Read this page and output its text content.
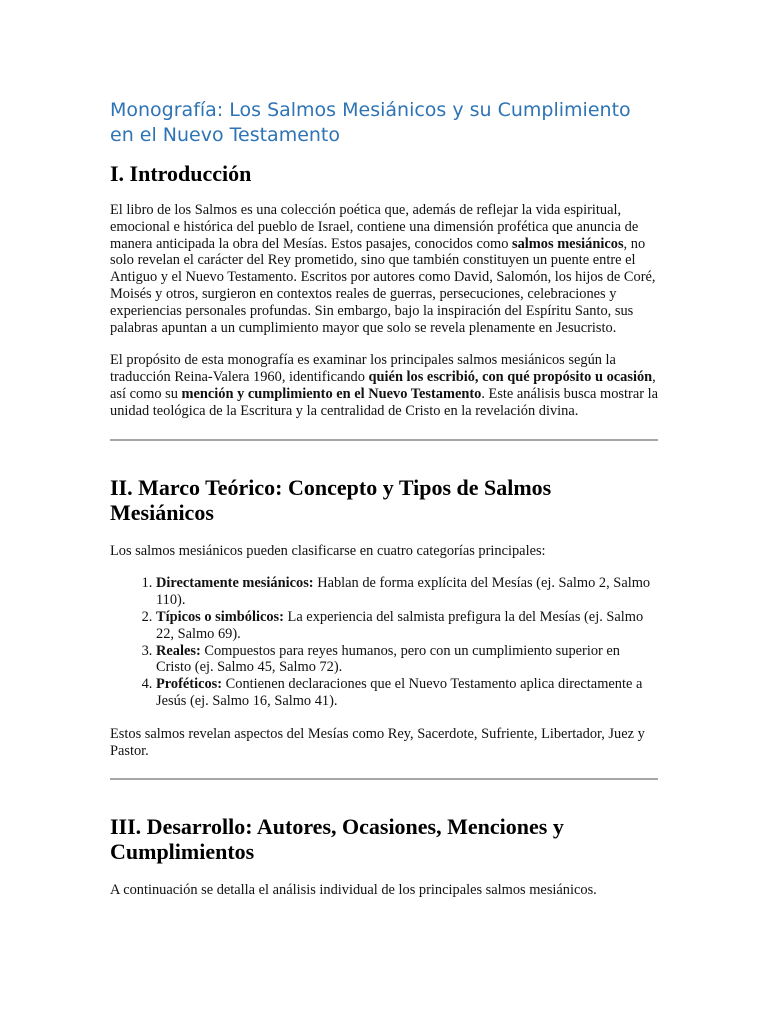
Monografía: Los Salmos Mesiánicos y su Cumplimiento en el Nuevo Testamento
I. Introducción

El libro de los Salmos es una colección poética que, además de reflejar la vida espiritual, emocional e histórica del pueblo de Israel, contiene una dimensión profética que anuncia de manera anticipada la obra del Mesías. Estos pasajes, conocidos como salmos mesiánicos, no solo revelan el carácter del Rey prometido, sino que también constituyen un puente entre el Antiguo y el Nuevo Testamento. Escritos por autores como David, Salomón, los hijos de Coré, Moisés y otros, surgieron en contextos reales de guerras, persecuciones, celebraciones y experiencias personales profundas. Sin embargo, bajo la inspiración del Espíritu Santo, sus palabras apuntan a un cumplimiento mayor que solo se revela plenamente en Jesucristo.

El propósito de esta monografía es examinar los principales salmos mesiánicos según la traducción Reina-Valera 1960, identificando quién los escribió, con qué propósito u ocasión, así como su mención y cumplimiento en el Nuevo Testamento. Este análisis busca mostrar la unidad teológica de la Escritura y la centralidad de Cristo en la revelación divina.

II. Marco Teórico: Concepto y Tipos de Salmos Mesiánicos

Los salmos mesiánicos pueden clasificarse en cuatro categorías principales:

1. Directamente mesiánicos: Hablan de forma explícita del Mesías (ej. Salmo 2, Salmo 110).
2. Típicos o simbólicos: La experiencia del salmista prefigura la del Mesías (ej. Salmo 22, Salmo 69).
3. Reales: Compuestos para reyes humanos, pero con un cumplimiento superior en Cristo (ej. Salmo 45, Salmo 72).
4. Proféticos: Contienen declaraciones que el Nuevo Testamento aplica directamente a Jesús (ej. Salmo 16, Salmo 41).

Estos salmos revelan aspectos del Mesías como Rey, Sacerdote, Sufriente, Libertador, Juez y Pastor.

III. Desarrollo: Autores, Ocasiones, Menciones y Cumplimientos

A continuación se detalla el análisis individual de los principales salmos mesiánicos.
